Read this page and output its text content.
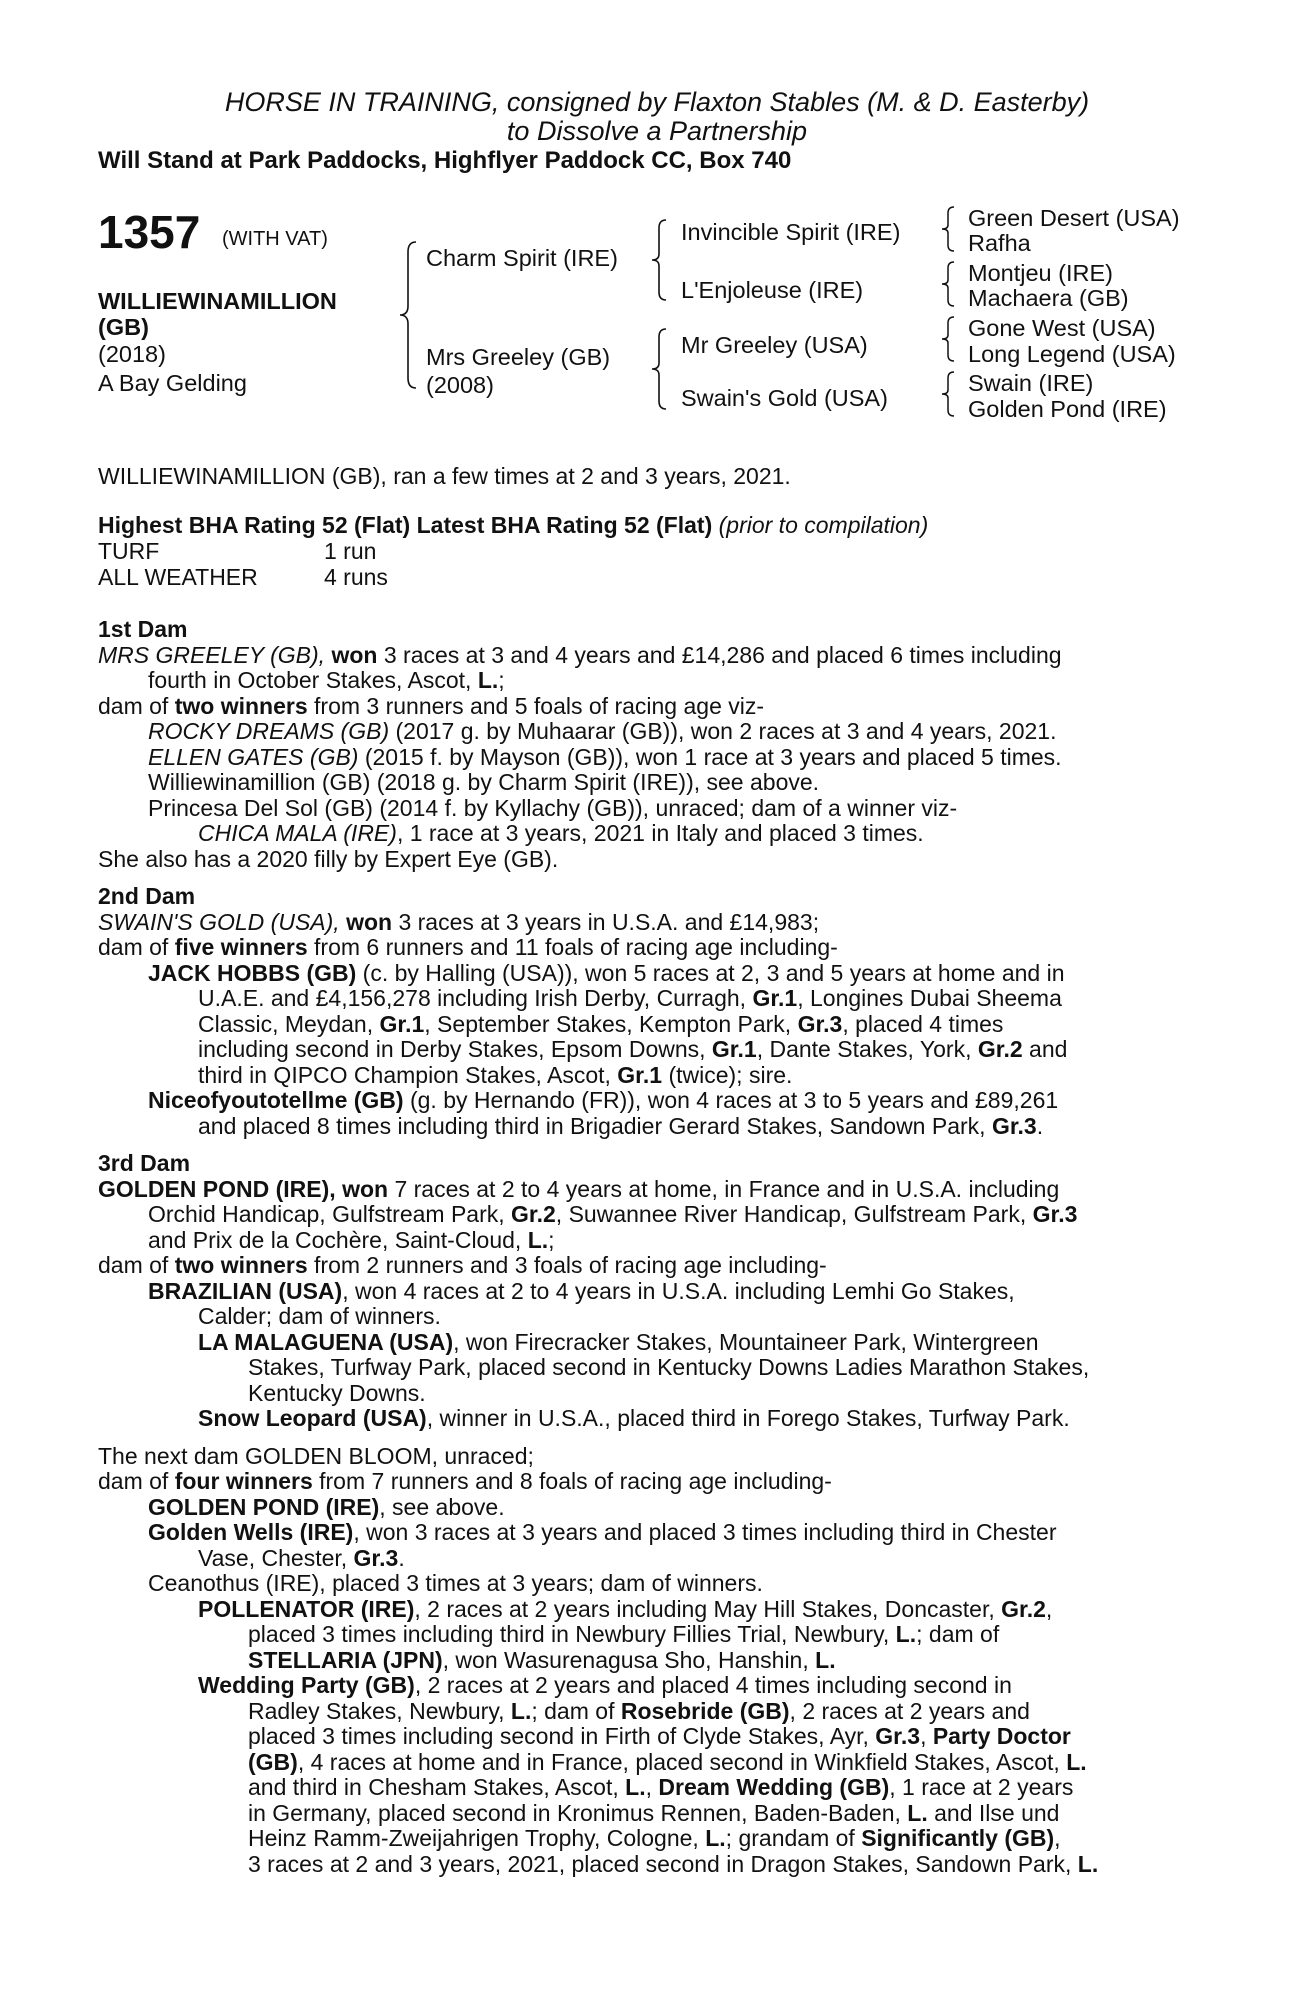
HORSE IN TRAINING, consigned by Flaxton Stables (M. & D. Easterby)
to Dissolve a Partnership
Will Stand at Park Paddocks, Highflyer Paddock CC, Box 740
1357 (WITH VAT)
WILLIEWINAMILLION
(GB)
(2018)
A Bay Gelding
Charm Spirit (IRE)
Mrs Greeley (GB)
(2008)
Invincible Spirit (IRE)
L'Enjoleuse (IRE)
Mr Greeley (USA)
Swain's Gold (USA)
Green Desert (USA)
Rafha
Montjeu (IRE)
Machaera (GB)
Gone West (USA)
Long Legend (USA)
Swain (IRE)
Golden Pond (IRE)
WILLIEWINAMILLION (GB), ran a few times at 2 and 3 years, 2021.
Highest BHA Rating 52 (Flat) Latest BHA Rating 52 (Flat) (prior to compilation)
TURF	1 run
ALL WEATHER	4 runs
1st Dam
MRS GREELEY (GB), won 3 races at 3 and 4 years and £14,286 and placed 6 times including
fourth in October Stakes, Ascot, L.;
dam of two winners from 3 runners and 5 foals of racing age viz-
ROCKY DREAMS (GB) (2017 g. by Muhaarar (GB)), won 2 races at 3 and 4 years, 2021.
ELLEN GATES (GB) (2015 f. by Mayson (GB)), won 1 race at 3 years and placed 5 times.
Williewinamillion (GB) (2018 g. by Charm Spirit (IRE)), see above.
Princesa Del Sol (GB) (2014 f. by Kyllachy (GB)), unraced; dam of a winner viz-
CHICA MALA (IRE), 1 race at 3 years, 2021 in Italy and placed 3 times.
She also has a 2020 filly by Expert Eye (GB).
2nd Dam
SWAIN'S GOLD (USA), won 3 races at 3 years in U.S.A. and £14,983;
dam of five winners from 6 runners and 11 foals of racing age including-
JACK HOBBS (GB) (c. by Halling (USA)), won 5 races at 2, 3 and 5 years at home and in
U.A.E. and £4,156,278 including Irish Derby, Curragh, Gr.1, Longines Dubai Sheema
Classic, Meydan, Gr.1, September Stakes, Kempton Park, Gr.3, placed 4 times
including second in Derby Stakes, Epsom Downs, Gr.1, Dante Stakes, York, Gr.2 and
third in QIPCO Champion Stakes, Ascot, Gr.1 (twice); sire.
Niceofyoutotellme (GB) (g. by Hernando (FR)), won 4 races at 3 to 5 years and £89,261
and placed 8 times including third in Brigadier Gerard Stakes, Sandown Park, Gr.3.
3rd Dam
GOLDEN POND (IRE), won 7 races at 2 to 4 years at home, in France and in U.S.A. including
Orchid Handicap, Gulfstream Park, Gr.2, Suwannee River Handicap, Gulfstream Park, Gr.3
and Prix de la Cochère, Saint-Cloud, L.;
dam of two winners from 2 runners and 3 foals of racing age including-
BRAZILIAN (USA), won 4 races at 2 to 4 years in U.S.A. including Lemhi Go Stakes,
Calder; dam of winners.
LA MALAGUENA (USA), won Firecracker Stakes, Mountaineer Park, Wintergreen
Stakes, Turfway Park, placed second in Kentucky Downs Ladies Marathon Stakes,
Kentucky Downs.
Snow Leopard (USA), winner in U.S.A., placed third in Forego Stakes, Turfway Park.
The next dam GOLDEN BLOOM, unraced;
dam of four winners from 7 runners and 8 foals of racing age including-
GOLDEN POND (IRE), see above.
Golden Wells (IRE), won 3 races at 3 years and placed 3 times including third in Chester
Vase, Chester, Gr.3.
Ceanothus (IRE), placed 3 times at 3 years; dam of winners.
POLLENATOR (IRE), 2 races at 2 years including May Hill Stakes, Doncaster, Gr.2,
placed 3 times including third in Newbury Fillies Trial, Newbury, L.; dam of
STELLARIA (JPN), won Wasurenagusa Sho, Hanshin, L.
Wedding Party (GB), 2 races at 2 years and placed 4 times including second in
Radley Stakes, Newbury, L.; dam of Rosebride (GB), 2 races at 2 years and
placed 3 times including second in Firth of Clyde Stakes, Ayr, Gr.3, Party Doctor
(GB), 4 races at home and in France, placed second in Winkfield Stakes, Ascot, L.
and third in Chesham Stakes, Ascot, L., Dream Wedding (GB), 1 race at 2 years
in Germany, placed second in Kronimus Rennen, Baden-Baden, L. and Ilse und
Heinz Ramm-Zweijahrigen Trophy, Cologne, L.; grandam of Significantly (GB),
3 races at 2 and 3 years, 2021, placed second in Dragon Stakes, Sandown Park, L.
